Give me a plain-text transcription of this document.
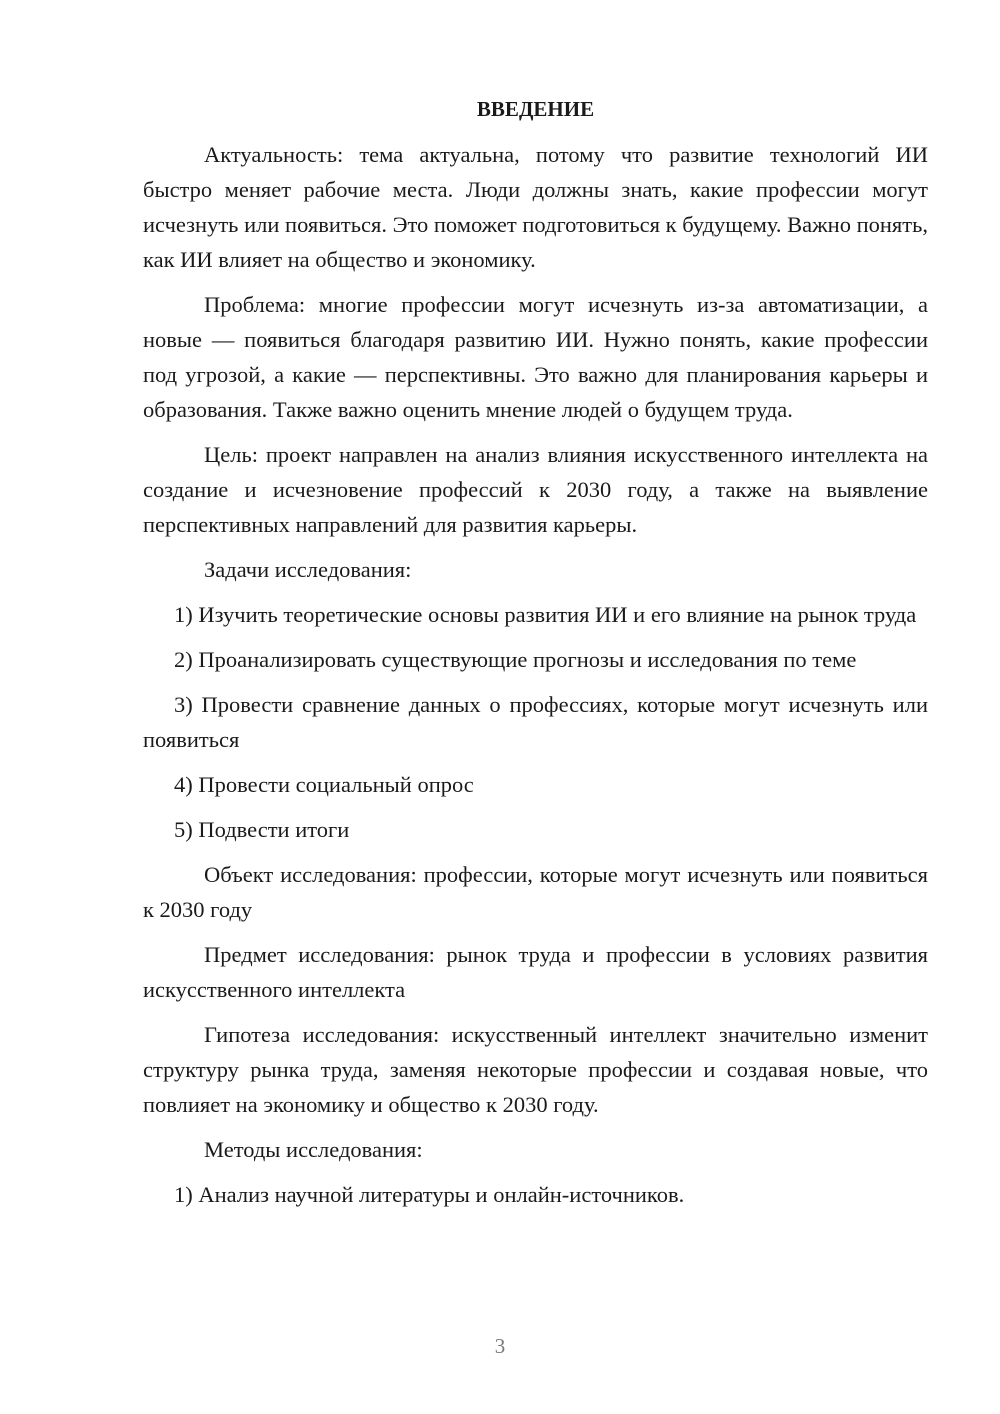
ВВЕДЕНИЕ

Актуальность: тема актуальна, потому что развитие технологий ИИ быстро меняет рабочие места. Люди должны знать, какие профессии могут исчезнуть или появиться. Это поможет подготовиться к будущему. Важно понять, как ИИ влияет на общество и экономику.

Проблема: многие профессии могут исчезнуть из-за автоматизации, а новые — появиться благодаря развитию ИИ. Нужно понять, какие профессии под угрозой, а какие — перспективны. Это важно для планирования карьеры и образования. Также важно оценить мнение людей о будущем труда.

Цель: проект направлен на анализ влияния искусственного интеллекта на создание и исчезновение профессий к 2030 году, а также на выявление перспективных направлений для развития карьеры.

Задачи исследования:

1) Изучить теоретические основы развития ИИ и его влияние на рынок труда

2) Проанализировать существующие прогнозы и исследования по теме

3) Провести сравнение данных о профессиях, которые могут исчезнуть или появиться

4) Провести социальный опрос

5) Подвести итоги

Объект исследования: профессии, которые могут исчезнуть или появиться к 2030 году

Предмет исследования: рынок труда и профессии в условиях развития искусственного интеллекта

Гипотеза исследования: искусственный интеллект значительно изменит структуру рынка труда, заменяя некоторые профессии и создавая новые, что повлияет на экономику и общество к 2030 году.

Методы исследования:

1) Анализ научной литературы и онлайн-источников.

3
